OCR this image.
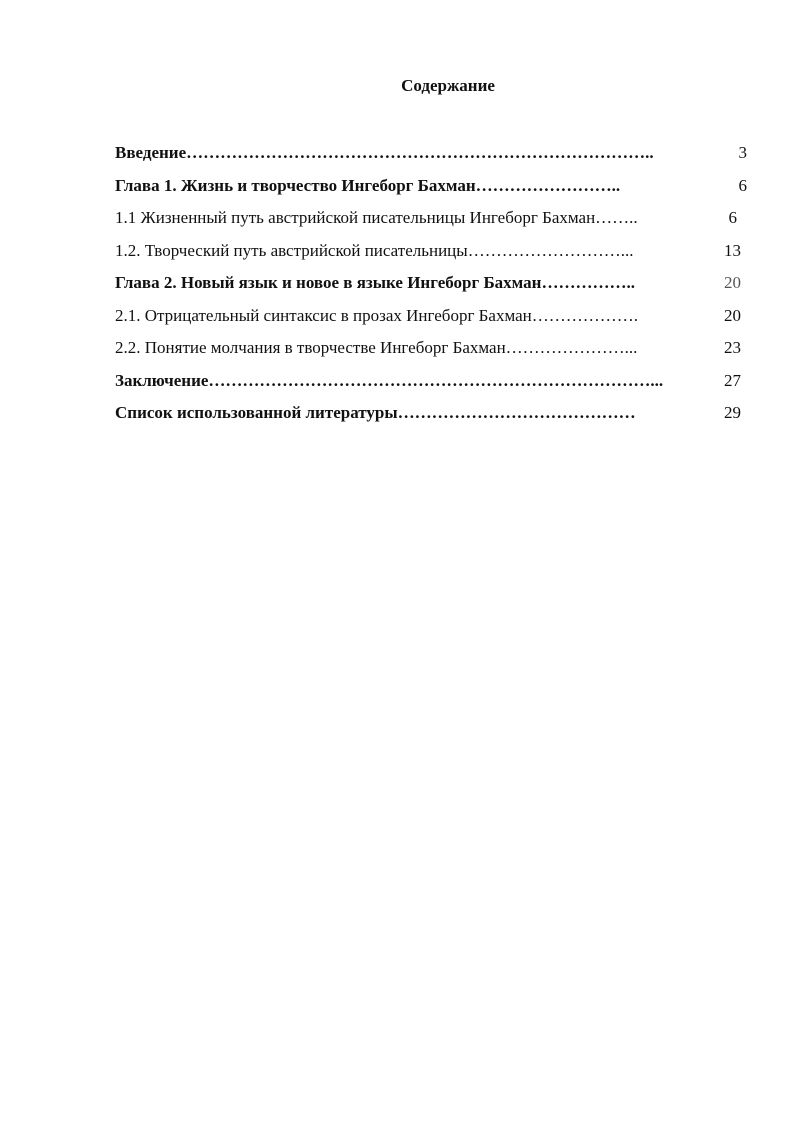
Содержание
Введение………………………………………………………………………..	3
Глава 1. Жизнь и творчество Ингеборг Бахман……………………..	6
1.1 Жизненный путь австрийской писательницы Ингеборг Бахман……..	6
1.2. Творческий путь австрийской писательницы………………………...	13
Глава 2. Новый язык и новое в языке Ингеборг Бахман……………..	20
2.1. Отрицательный синтаксис в прозах Ингеборг Бахман……………….	20
2.2. Понятие молчания в творчестве Ингеборг Бахман…………………...	23
Заключение……………………………………………………………………...	27
Список использованной литературы……………………………………	29
